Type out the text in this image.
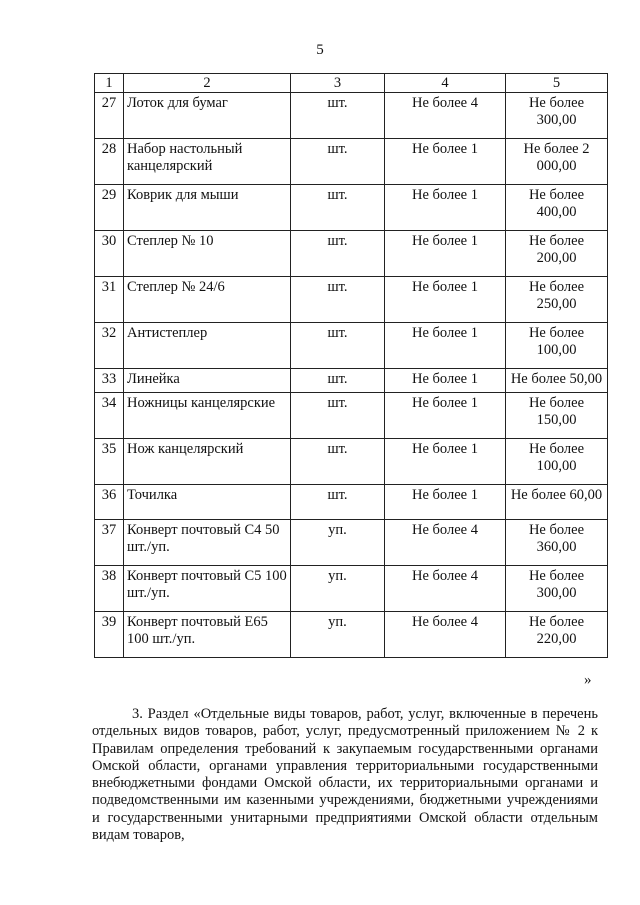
5
1	2	3	4	5
27	Лоток для бумаг	шт.	Не более 4	Не более 300,00
28	Набор настольный канцелярский	шт.	Не более 1	Не более 2 000,00
29	Коврик для мыши	шт.	Не более 1	Не более 400,00
30	Степлер № 10	шт.	Не более 1	Не более 200,00
31	Степлер № 24/6	шт.	Не более 1	Не более 250,00
32	Антистеплер	шт.	Не более 1	Не более 100,00
33	Линейка	шт.	Не более 1	Не более 50,00
34	Ножницы канцелярские	шт.	Не более 1	Не более 150,00
35	Нож канцелярский	шт.	Не более 1	Не более 100,00
36	Точилка	шт.	Не более 1	Не более 60,00
37	Конверт почтовый С4 50 шт./уп.	уп.	Не более 4	Не более 360,00
38	Конверт почтовый С5 100 шт./уп.	уп.	Не более 4	Не более 300,00
39	Конверт почтовый Е65 100 шт./уп.	уп.	Не более 4	Не более 220,00
»

3. Раздел «Отдельные виды товаров, работ, услуг, включенные в перечень отдельных видов товаров, работ, услуг, предусмотренный приложением № 2 к Правилам определения требований к закупаемым государственными органами Омской области, органами управления территориальными государственными внебюджетными фондами Омской области, их территориальными органами и подведомственными им казенными учреждениями, бюджетными учреждениями и государственными унитарными предприятиями Омской области отдельным видам товаров,
